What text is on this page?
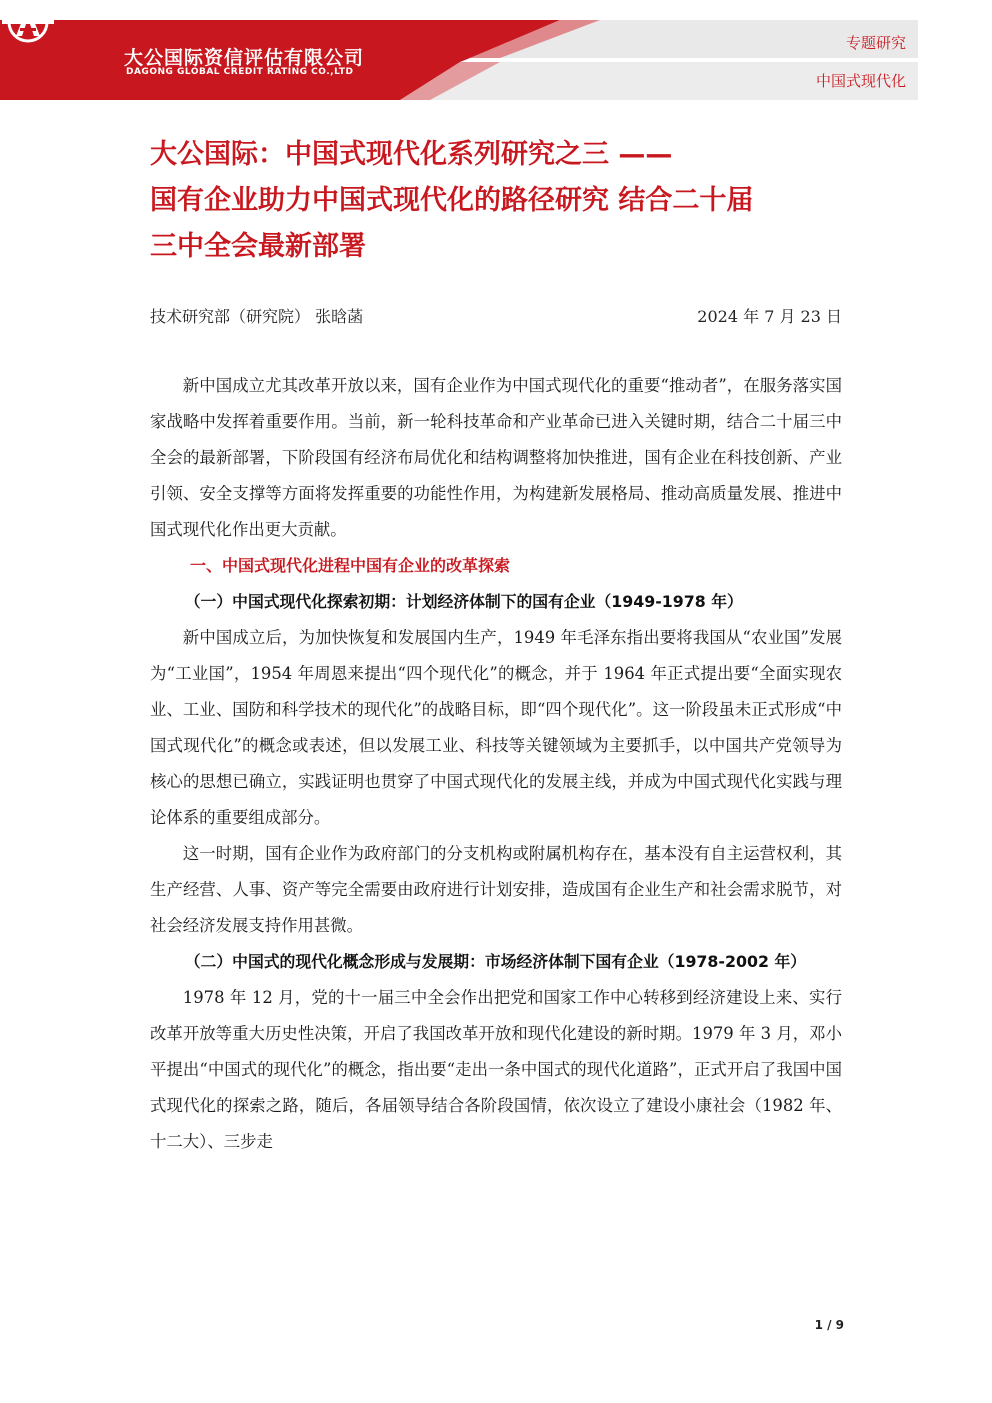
大公国际资信评估有限公司
DAGONG GLOBAL CREDIT RATING CO.,LTD
专题研究
中国式现代化
大公国际：中国式现代化系列研究之三 ——
国有企业助力中国式现代化的路径研究 结合二十届
三中全会最新部署
技术研究部（研究院） 张晗菡	2024 年 7 月 23 日

新中国成立尤其改革开放以来，国有企业作为中国式现代化的重要“推动者”，在服务落实国家战略中发挥着重要作用。当前，新一轮科技革命和产业革命已进入关键时期，结合二十届三中全会的最新部署，下阶段国有经济布局优化和结构调整将加快推进，国有企业在科技创新、产业引领、安全支撑等方面将发挥重要的功能性作用，为构建新发展格局、推动高质量发展、推进中国式现代化作出更大贡献。

一、中国式现代化进程中国有企业的改革探索

（一）中国式现代化探索初期：计划经济体制下的国有企业（1949-1978 年）

新中国成立后，为加快恢复和发展国内生产，1949 年毛泽东指出要将我国从“农业国”发展为“工业国”，1954 年周恩来提出“四个现代化”的概念，并于 1964 年正式提出要“全面实现农业、工业、国防和科学技术的现代化”的战略目标，即“四个现代化”。这一阶段虽未正式形成“中国式现代化”的概念或表述，但以发展工业、科技等关键领域为主要抓手，以中国共产党领导为核心的思想已确立，实践证明也贯穿了中国式现代化的发展主线，并成为中国式现代化实践与理论体系的重要组成部分。

这一时期，国有企业作为政府部门的分支机构或附属机构存在，基本没有自主运营权利，其生产经营、人事、资产等完全需要由政府进行计划安排，造成国有企业生产和社会需求脱节，对社会经济发展支持作用甚微。

（二）中国式的现代化概念形成与发展期：市场经济体制下国有企业（1978-2002 年）

1978 年 12 月，党的十一届三中全会作出把党和国家工作中心转移到经济建设上来、实行改革开放等重大历史性决策，开启了我国改革开放和现代化建设的新时期。1979 年 3 月，邓小平提出“中国式的现代化”的概念，指出要“走出一条中国式的现代化道路”，正式开启了我国中国式现代化的探索之路，随后，各届领导结合各阶段国情，依次设立了建设小康社会（1982 年、十二大）、三步走

1 / 9
